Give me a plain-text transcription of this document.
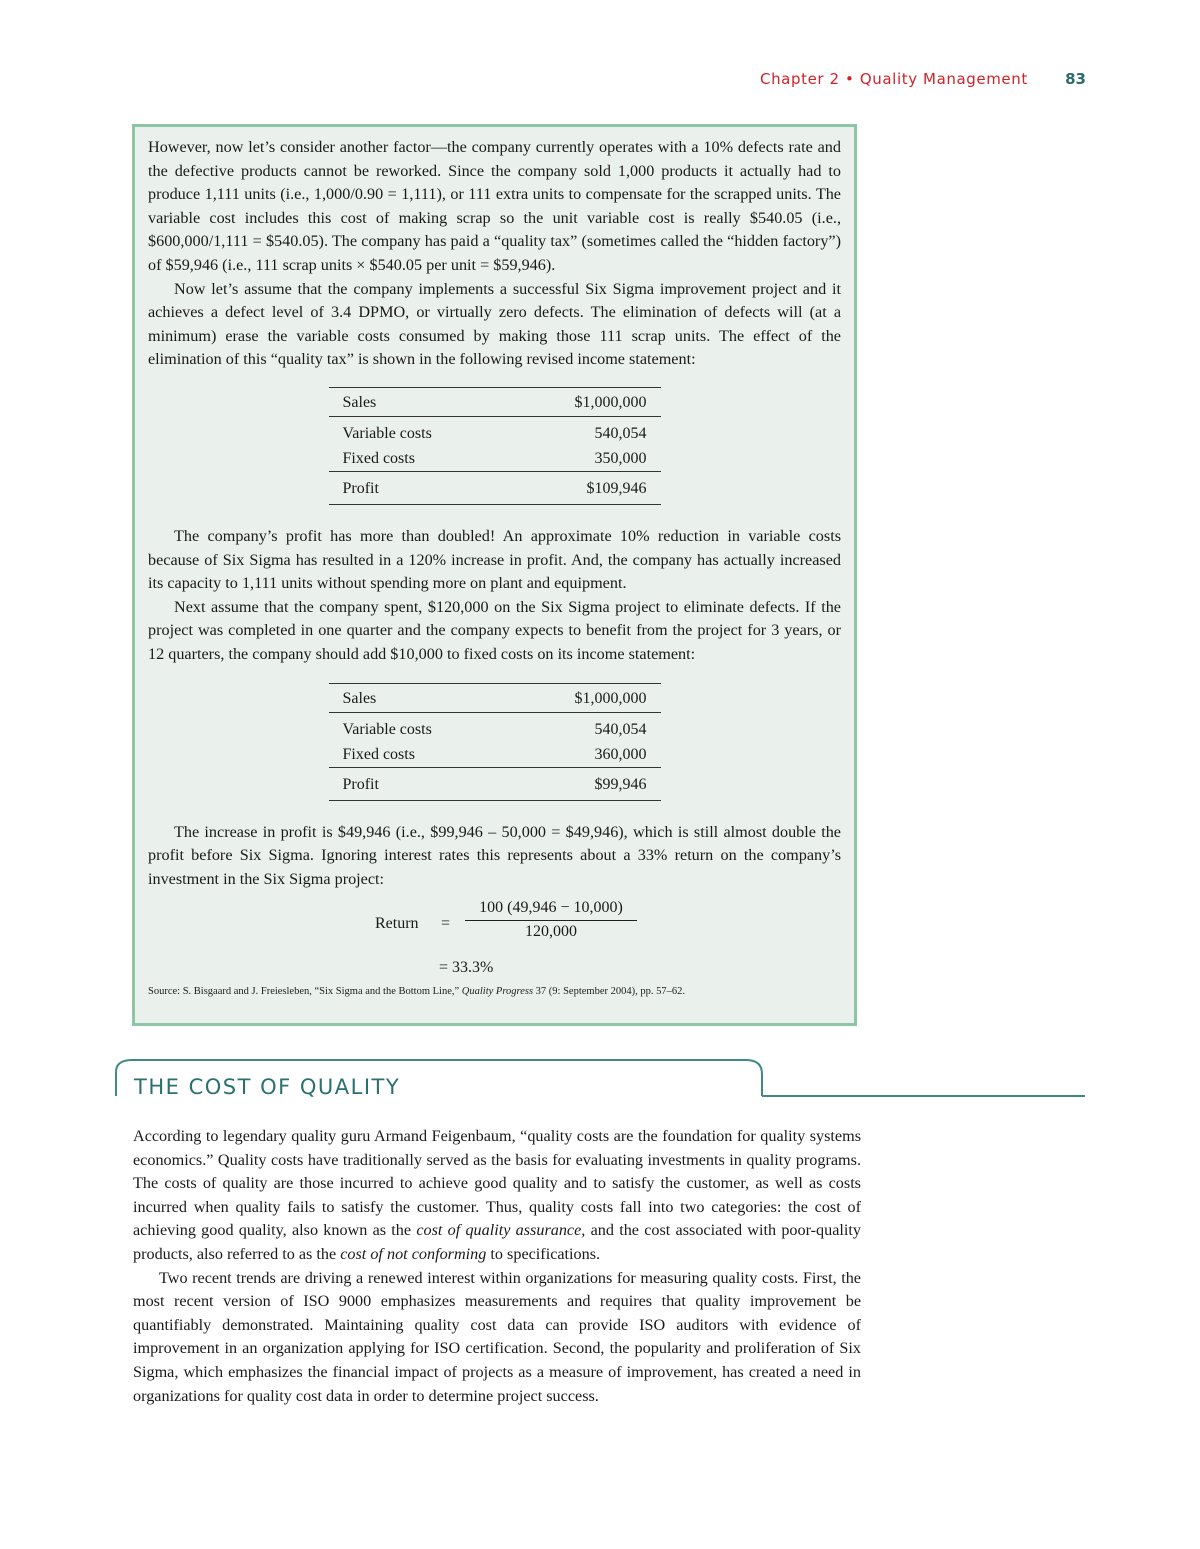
Chapter 2 • Quality Management 83

However, now let’s consider another factor—the company currently operates with a 10% defects rate and the defective products cannot be reworked. Since the company sold 1,000 products it actually had to produce 1,111 units (i.e., 1,000/0.90 = 1,111), or 111 extra units to compensate for the scrapped units. The variable cost includes this cost of making scrap so the unit variable cost is really $540.05 (i.e., $600,000/1,111 = $540.05). The company has paid a “quality tax” (sometimes called the “hidden factory”) of $59,946 (i.e., 111 scrap units × $540.05 per unit = $59,946).

Now let’s assume that the company implements a successful Six Sigma improvement project and it achieves a defect level of 3.4 DPMO, or virtually zero defects. The elimination of defects will (at a minimum) erase the variable costs consumed by making those 111 scrap units. The effect of the elimination of this “quality tax” is shown in the following revised income statement:

Sales	$1,000,000
Variable costs	540,054
Fixed costs	350,000
Profit	$109,946

The company’s profit has more than doubled! An approximate 10% reduction in variable costs because of Six Sigma has resulted in a 120% increase in profit. And, the company has actually increased its capacity to 1,111 units without spending more on plant and equipment.

Next assume that the company spent, $120,000 on the Six Sigma project to eliminate defects. If the project was completed in one quarter and the company expects to benefit from the project for 3 years, or 12 quarters, the company should add $10,000 to fixed costs on its income statement:

Sales	$1,000,000
Variable costs	540,054
Fixed costs	360,000
Profit	$99,946

The increase in profit is $49,946 (i.e., $99,946 – 50,000 = $49,946), which is still almost double the profit before Six Sigma. Ignoring interest rates this represents about a 33% return on the company’s investment in the Six Sigma project:

Return =
100 (49,946 − 10,000)
120,000
= 33.3%
Source: S. Bisgaard and J. Freiesleben, “Six Sigma and the Bottom Line,” Quality Progress 37 (9: September 2004), pp. 57–62.
THE COST OF QUALITY

According to legendary quality guru Armand Feigenbaum, “quality costs are the foundation for quality systems economics.” Quality costs have traditionally served as the basis for evaluating investments in quality programs. The costs of quality are those incurred to achieve good quality and to satisfy the customer, as well as costs incurred when quality fails to satisfy the customer. Thus, quality costs fall into two categories: the cost of achieving good quality, also known as the cost of quality assurance, and the cost associated with poor-quality products, also referred to as the cost of not conforming to specifications.

Two recent trends are driving a renewed interest within organizations for measuring quality costs. First, the most recent version of ISO 9000 emphasizes measurements and requires that quality improvement be quantifiably demonstrated. Maintaining quality cost data can provide ISO auditors with evidence of improvement in an organization applying for ISO certification. Second, the popularity and proliferation of Six Sigma, which emphasizes the financial impact of projects as a measure of improvement, has created a need in organizations for quality cost data in order to determine project success.
